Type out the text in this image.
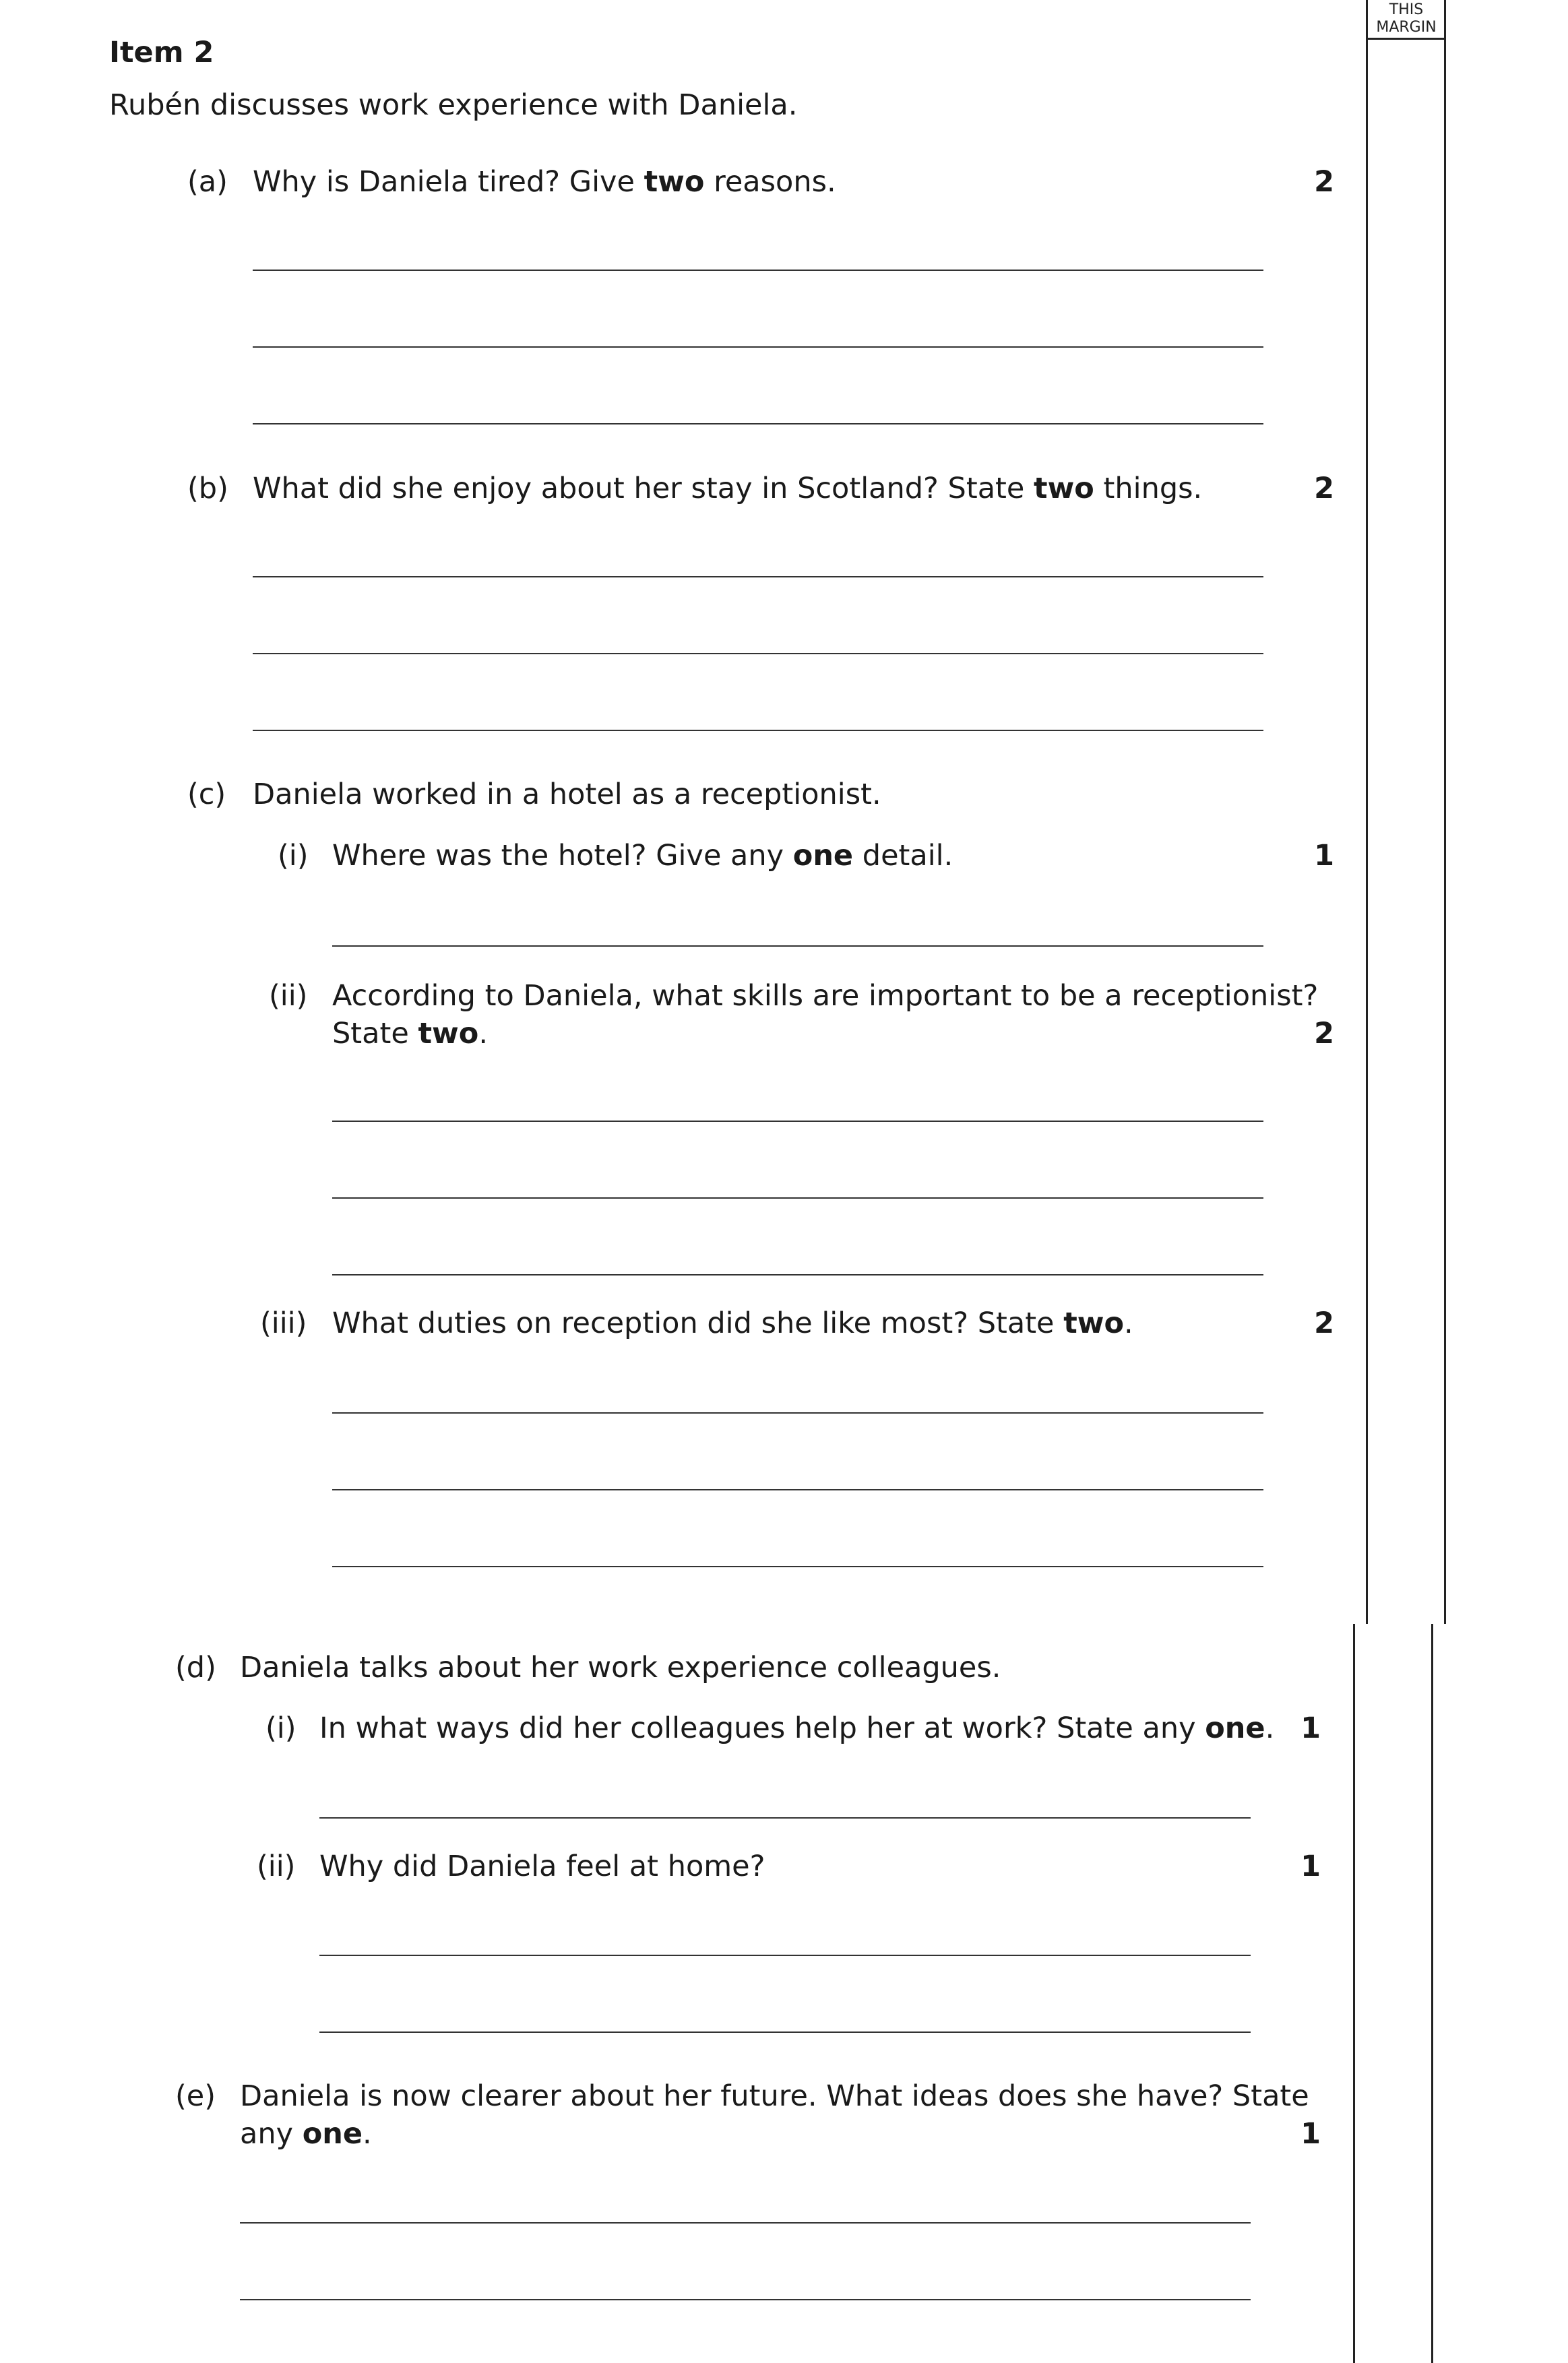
THIS
MARGIN
Item 2
Rubén discusses work experience with Daniela.
(a) Why is Daniela tired? Give two reasons.	2
(b) What did she enjoy about her stay in Scotland? State two things.	2
(c) Daniela worked in a hotel as a receptionist.
(i) Where was the hotel? Give any one detail.	1
(ii) According to Daniela, what skills are important to be a receptionist?
State two.	2
(iii) What duties on reception did she like most? State two.	2
(d) Daniela talks about her work experience colleagues.
(i) In what ways did her colleagues help her at work? State any one. 1
(ii) Why did Daniela feel at home?	1
(e) Daniela is now clearer about her future. What ideas does she have? State
any one.	1
